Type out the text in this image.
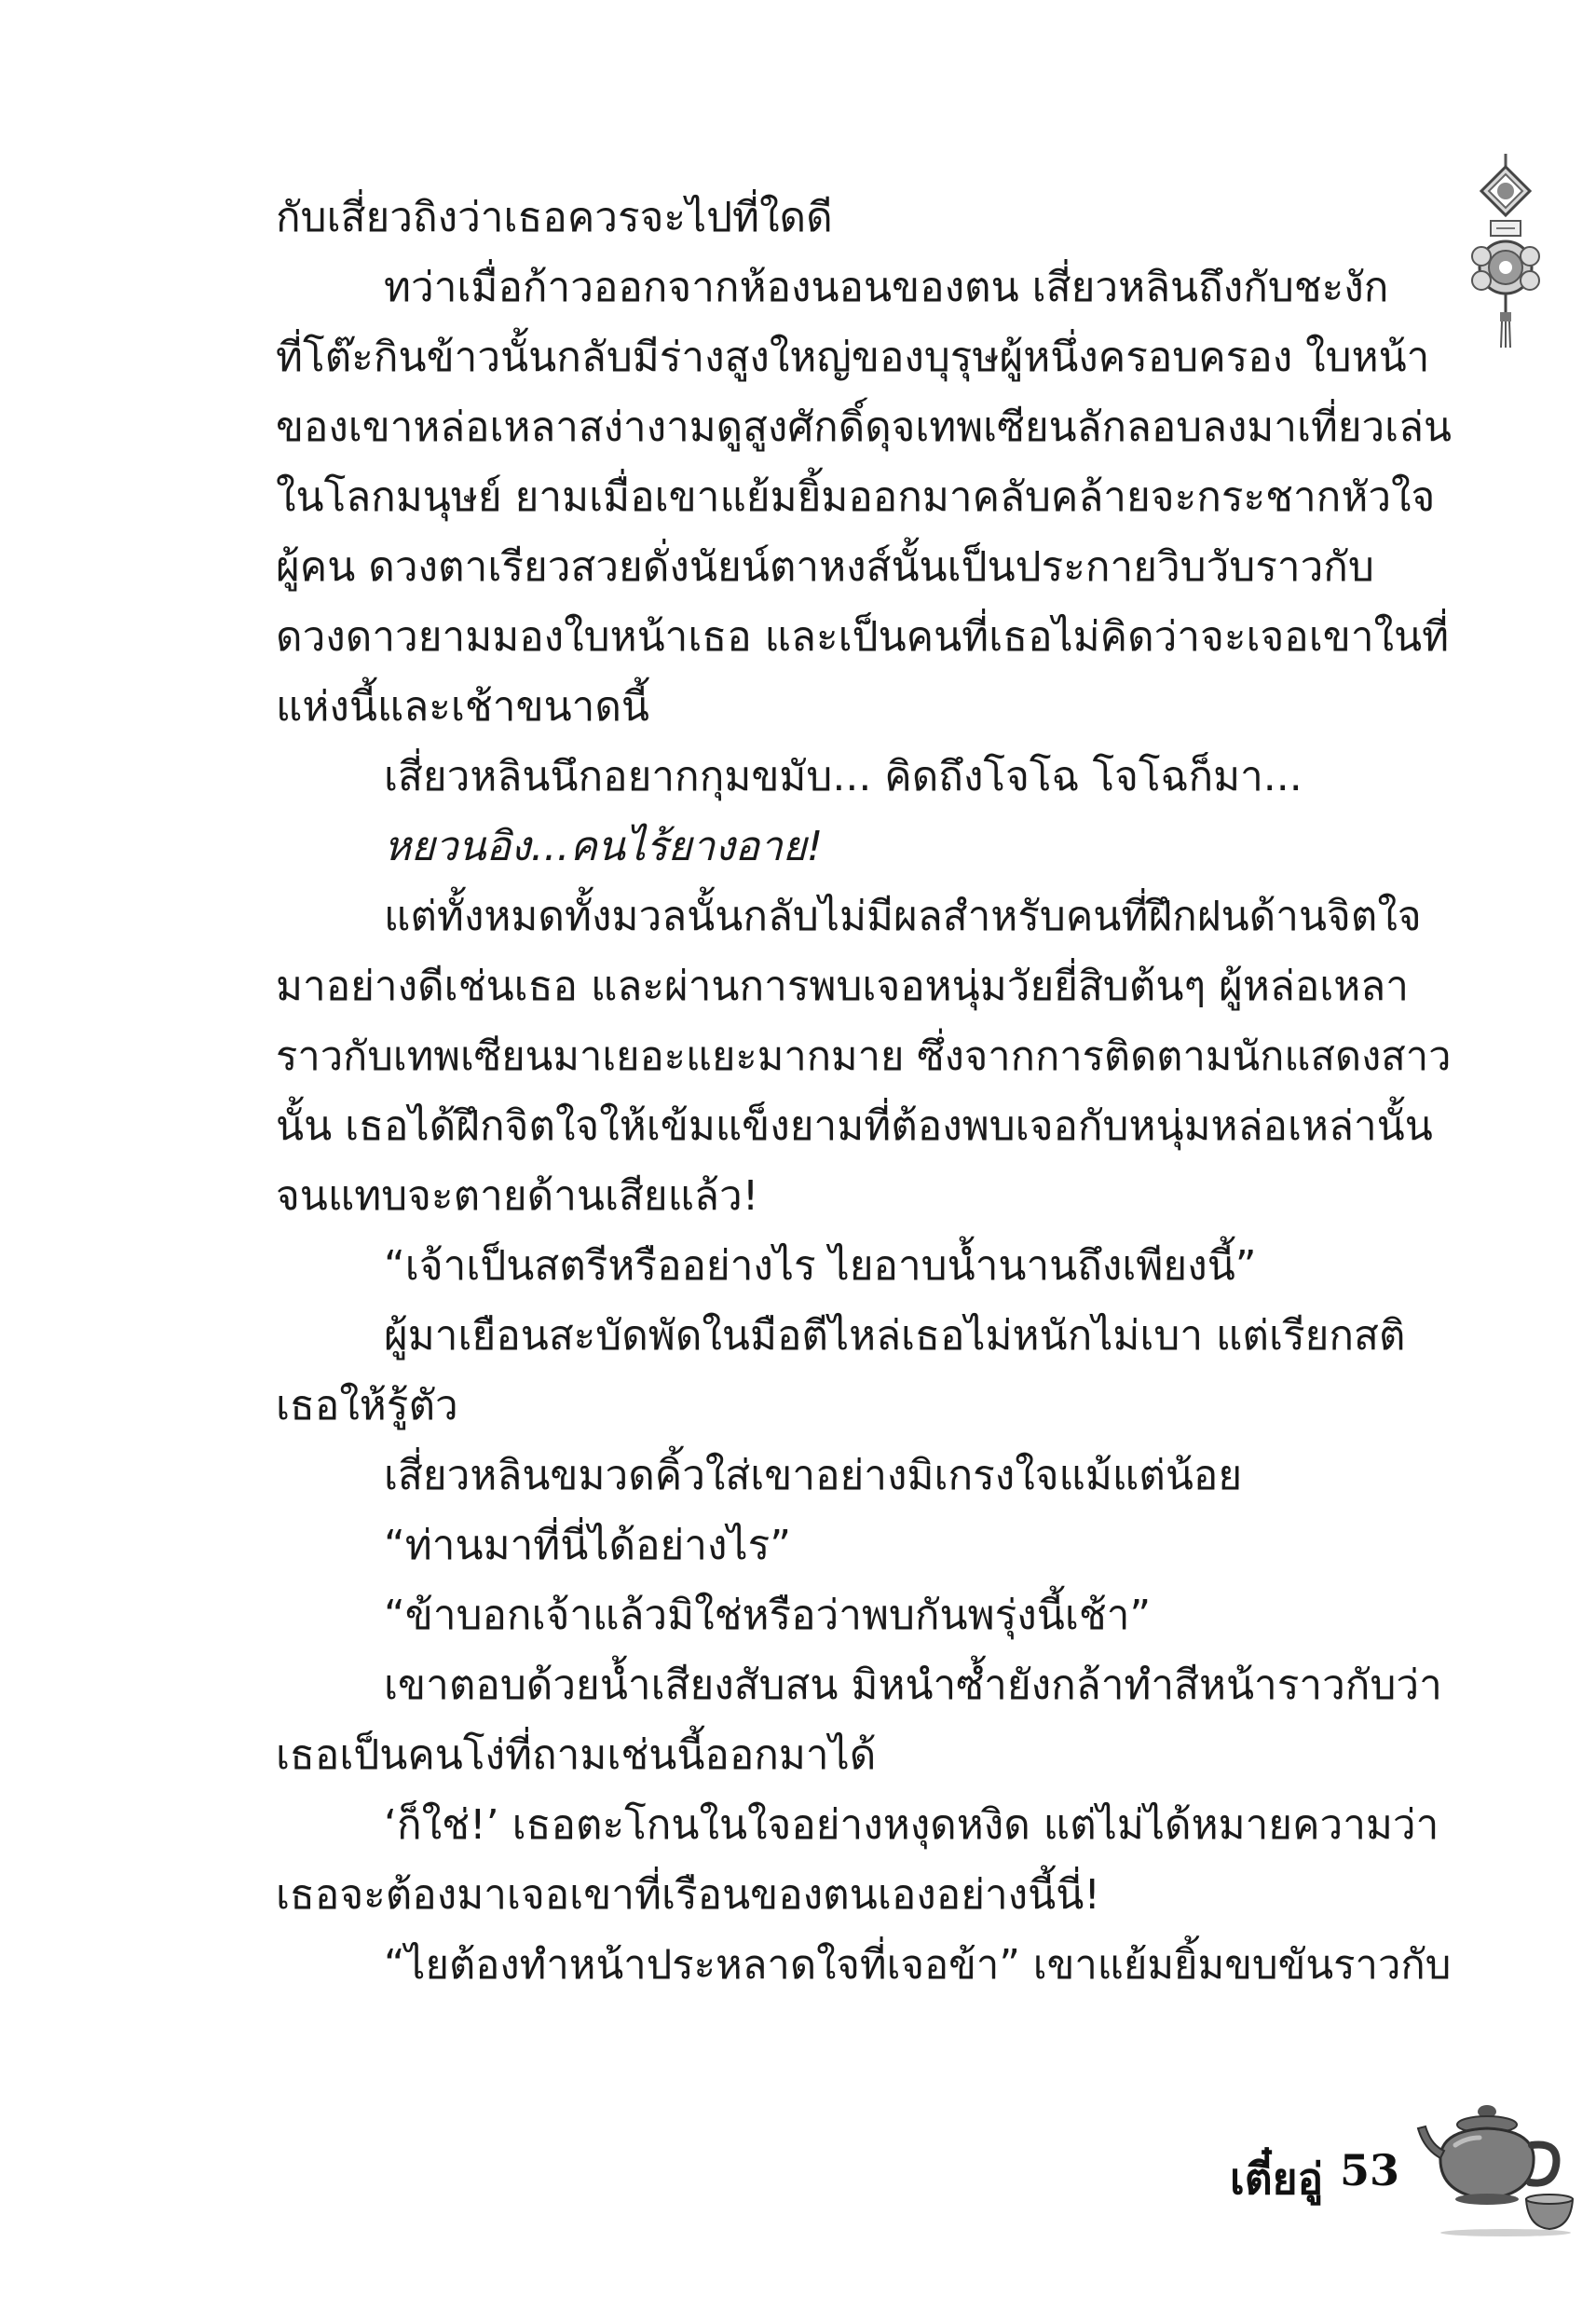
กับเสี่ยวถิงว่าเธอควรจะไปที่ใดดี
ทว่าเมื่อก้าวออกจากห้องนอนของตน เสี่ยวหลินถึงกับชะงัก
ที่โต๊ะกินข้าวนั้นกลับมีร่างสูงใหญ่ของบุรุษผู้หนึ่งครอบครอง ใบหน้า
ของเขาหล่อเหลาสง่างามดูสูงศักดิ์ดุจเทพเซียนลักลอบลงมาเที่ยวเล่น
ในโลกมนุษย์ ยามเมื่อเขาแย้มยิ้มออกมาคลับคล้ายจะกระชากหัวใจ
ผู้คน ดวงตาเรียวสวยดั่งนัยน์ตาหงส์นั้นเป็นประกายวิบวับราวกับ
ดวงดาวยามมองใบหน้าเธอ และเป็นคนที่เธอไม่คิดว่าจะเจอเขาในที่
แห่งนี้และเช้าขนาดนี้
เสี่ยวหลินนึกอยากกุมขมับ... คิดถึงโจโฉ โจโฉก็มา...
หยวนอิง...คนไร้ยางอาย!
แต่ทั้งหมดทั้งมวลนั้นกลับไม่มีผลสำหรับคนที่ฝึกฝนด้านจิตใจ
มาอย่างดีเช่นเธอ และผ่านการพบเจอหนุ่มวัยยี่สิบต้นๆ ผู้หล่อเหลา
ราวกับเทพเซียนมาเยอะแยะมากมาย ซึ่งจากการติดตามนักแสดงสาว
นั้น เธอได้ฝึกจิตใจให้เข้มแข็งยามที่ต้องพบเจอกับหนุ่มหล่อเหล่านั้น
จนแทบจะตายด้านเสียแล้ว!
“เจ้าเป็นสตรีหรืออย่างไร ไยอาบน้ำนานถึงเพียงนี้”
ผู้มาเยือนสะบัดพัดในมือตีไหล่เธอไม่หนักไม่เบา แต่เรียกสติ
เธอให้รู้ตัว
เสี่ยวหลินขมวดคิ้วใส่เขาอย่างมิเกรงใจแม้แต่น้อย
“ท่านมาที่นี่ได้อย่างไร”
“ข้าบอกเจ้าแล้วมิใช่หรือว่าพบกันพรุ่งนี้เช้า”
เขาตอบด้วยน้ำเสียงสับสน มิหนำซ้ำยังกล้าทำสีหน้าราวกับว่า
เธอเป็นคนโง่ที่ถามเช่นนี้ออกมาได้
‘ก็ใช่!’ เธอตะโกนในใจอย่างหงุดหงิด แต่ไม่ได้หมายความว่า
เธอจะต้องมาเจอเขาที่เรือนของตนเองอย่างนี้นี่!
“ไยต้องทำหน้าประหลาดใจที่เจอข้า” เขาแย้มยิ้มขบขันราวกับ
เตี๋ยอู่ 53
